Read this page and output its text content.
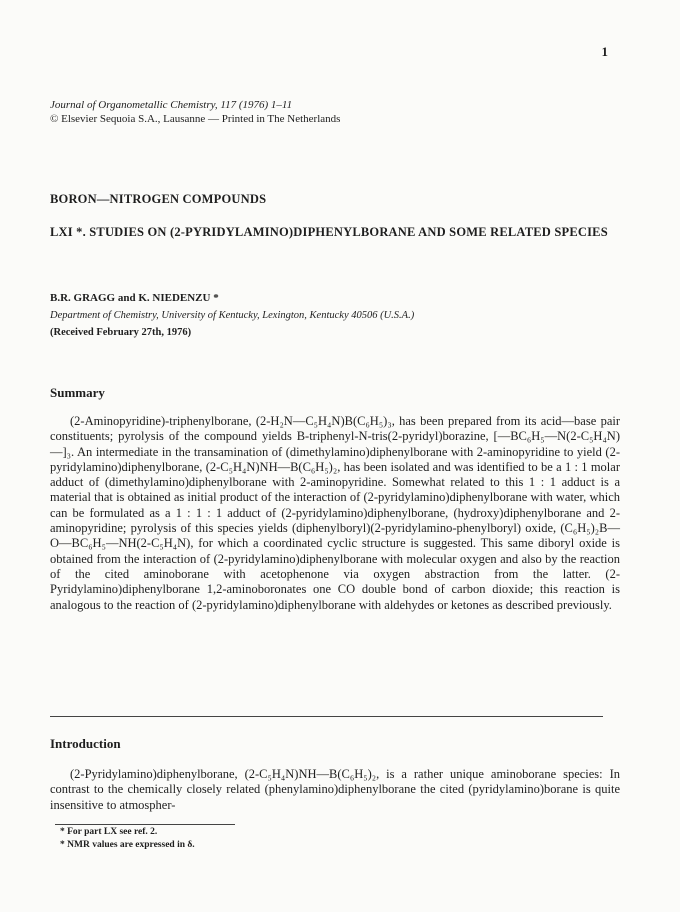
1
Journal of Organometallic Chemistry, 117 (1976) 1–11
© Elsevier Sequoia S.A., Lausanne — Printed in The Netherlands
BORON—NITROGEN COMPOUNDS
LXI *. STUDIES ON (2-PYRIDYLAMINO)DIPHENYLBORANE AND SOME RELATED SPECIES
B.R. GRAGG and K. NIEDENZU *
Department of Chemistry, University of Kentucky, Lexington, Kentucky 40506 (U.S.A.)
(Received February 27th, 1976)
Summary

(2-Aminopyridine)-triphenylborane, (2-H₂N—C₅H₄N)B(C₆H₅)₃, has been prepared from its acid—base pair constituents; pyrolysis of the compound yields B-triphenyl-N-tris(2-pyridyl)borazine, [—BC₆H₅—N(2-C₅H₄N)—]₃. An intermediate in the transamination of (dimethylamino)diphenylborane with 2-aminopyridine to yield (2-pyridylamino)diphenylborane, (2-C₅H₄N)NH—B(C₆H₅)₂, has been isolated and was identified to be a 1 : 1 molar adduct of (dimethylamino)diphenylborane with 2-aminopyridine. Somewhat related to this 1 : 1 adduct is a material that is obtained as initial product of the interaction of (2-pyridylamino)diphenylborane with water, which can be formulated as a 1 : 1 : 1 adduct of (2-pyridylamino)diphenylborane, (hydroxy)diphenylborane and 2-aminopyridine; pyrolysis of this species yields (diphenylboryl)(2-pyridylamino-phenylboryl) oxide, (C₆H₅)₂B—O—BC₆H₅—NH(2-C₅H₄N), for which a coordinated cyclic structure is suggested. This same diboryl oxide is obtained from the interaction of (2-pyridylamino)diphenylborane with molecular oxygen and also by the reaction of the cited aminoborane with acetophenone via oxygen abstraction from the latter. (2-Pyridylamino)diphenylborane 1,2-aminoboronates one CO double bond of carbon dioxide; this reaction is analogous to the reaction of (2-pyridylamino)diphenylborane with aldehydes or ketones as described previously.

Introduction

(2-Pyridylamino)diphenylborane, (2-C₅H₄N)NH—B(C₆H₅)₂, is a rather unique aminoborane species: In contrast to the chemically closely related (phenylamino)diphenylborane the cited (pyridylamino)borane is quite insensitive to atmospher-

* For part LX see ref. 2.
* NMR values are expressed in δ.
